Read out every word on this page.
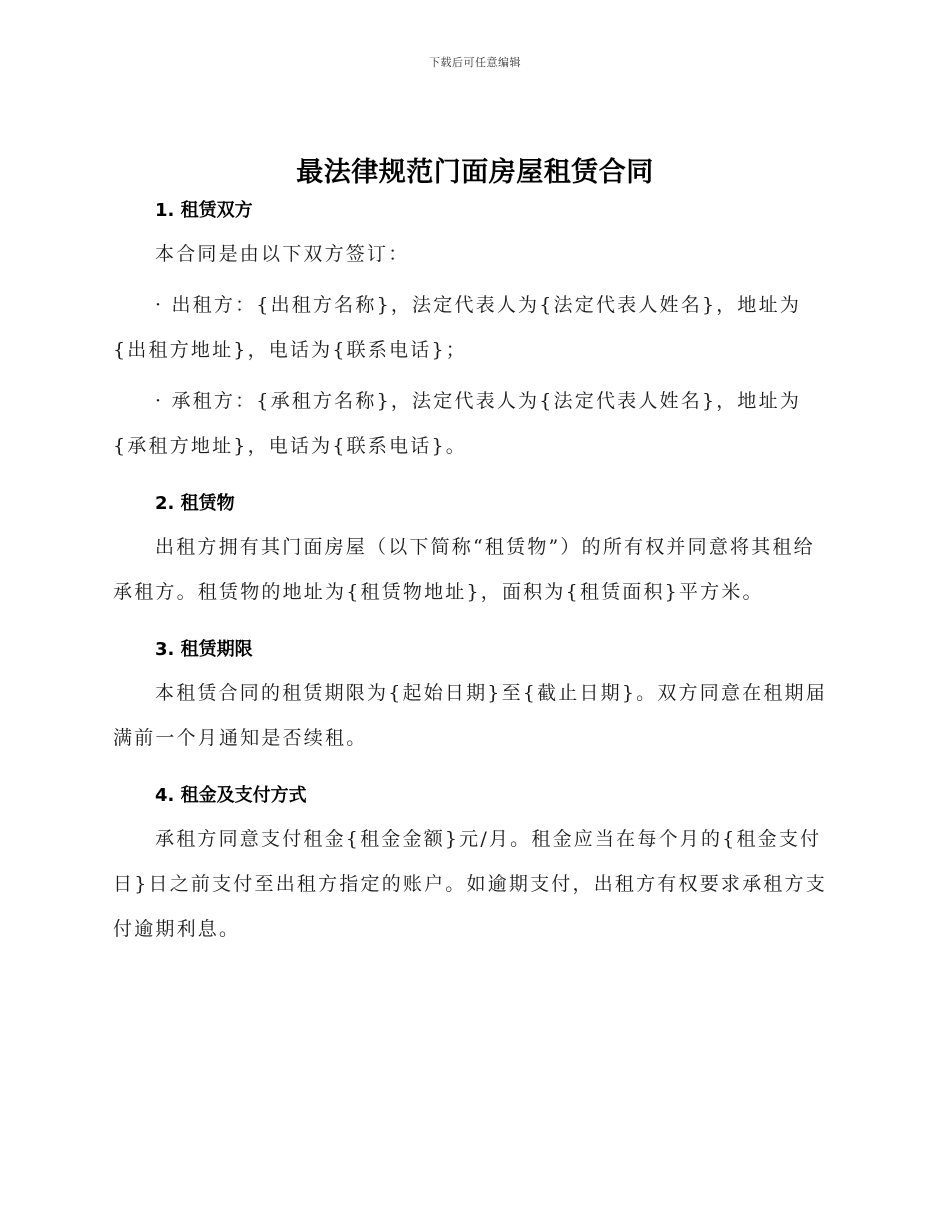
下载后可任意编辑
最法律规范门面房屋租赁合同
1. 租赁双方

本合同是由以下双方签订：

· 出租方：{出租方名称}，法定代表人为{法定代表人姓名}，地址为{出租方地址}，电话为{联系电话}；

· 承租方：{承租方名称}，法定代表人为{法定代表人姓名}，地址为{承租方地址}，电话为{联系电话}。

2. 租赁物

出租方拥有其门面房屋（以下简称“租赁物”）的所有权并同意将其租给承租方。租赁物的地址为{租赁物地址}，面积为{租赁面积}平方米。

3. 租赁期限

本租赁合同的租赁期限为{起始日期}至{截止日期}。双方同意在租期届满前一个月通知是否续租。

4. 租金及支付方式

承租方同意支付租金{租金金额}元/月。租金应当在每个月的{租金支付日}日之前支付至出租方指定的账户。如逾期支付，出租方有权要求承租方支付逾期利息。
